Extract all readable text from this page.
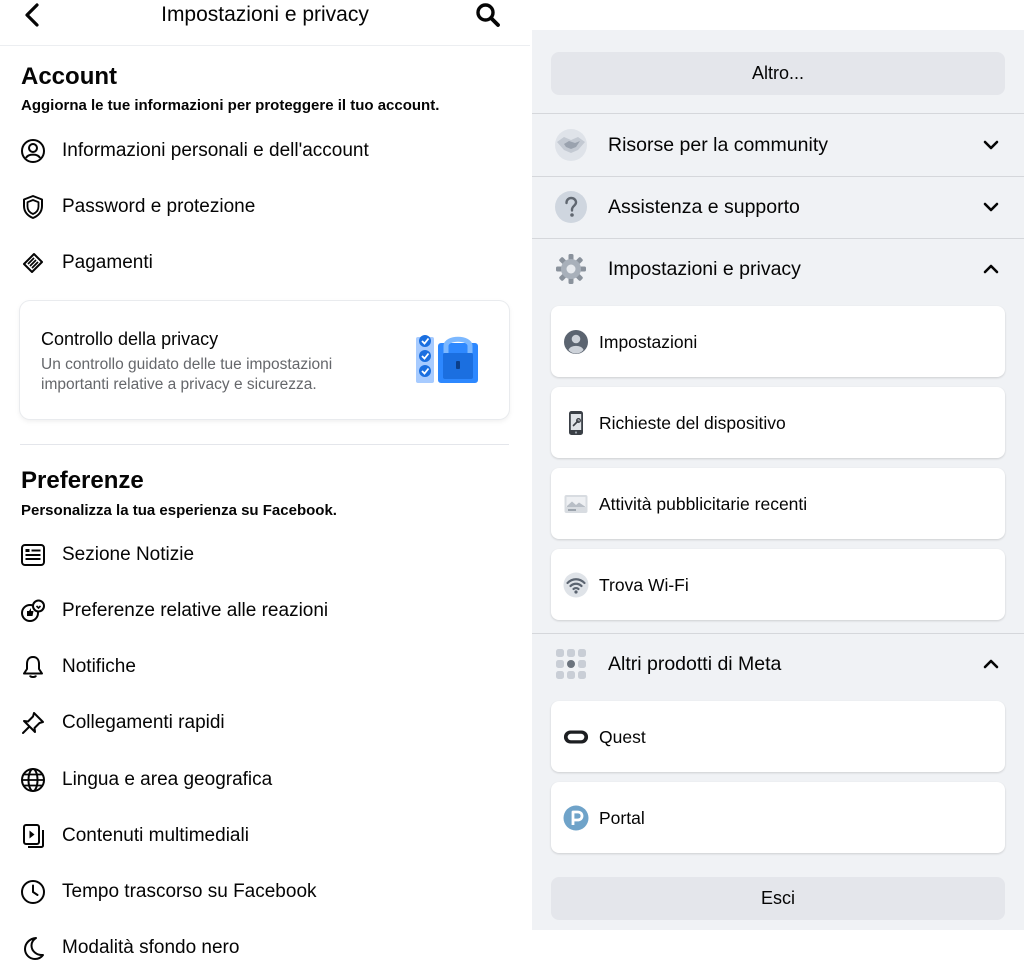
Impostazioni e privacy
Account
Aggiorna le tue informazioni per proteggere il tuo account.
Informazioni personali e dell'account
Password e protezione
Pagamenti
Controllo della privacy
Un controllo guidato delle tue impostazioni importanti relative a privacy e sicurezza.
Preferenze
Personalizza la tua esperienza su Facebook.
Sezione Notizie
Preferenze relative alle reazioni
Notifiche
Collegamenti rapidi
Lingua e area geografica
Contenuti multimediali
Tempo trascorso su Facebook
Modalità sfondo nero
Altro...
Risorse per la community
Assistenza e supporto
Impostazioni e privacy
Impostazioni
Richieste del dispositivo
Attività pubblicitarie recenti
Trova Wi-Fi
Altri prodotti di Meta
Quest
Portal
Esci
